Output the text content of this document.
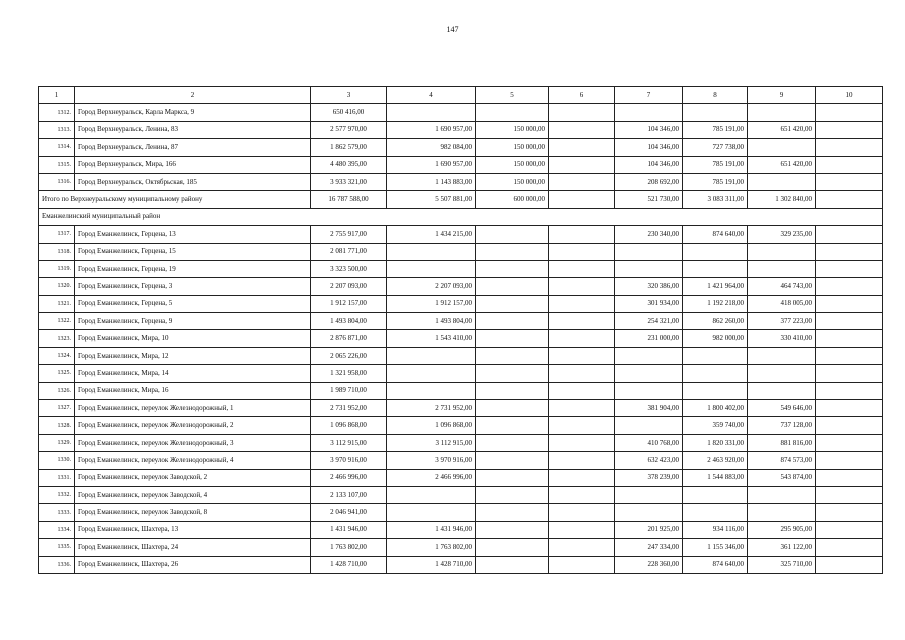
147
1	2	3	4	5	6	7	8	9	10
1312.	Город Верхнеуральск, Карла Маркса, 9	650 416,00							
1313.	Город Верхнеуральск, Ленина, 83	2 577 970,00	1 690 957,00	150 000,00		104 346,00	785 191,00	651 420,00	
1314.	Город Верхнеуральск, Ленина, 87	1 862 579,00	982 084,00	150 000,00		104 346,00	727 738,00		
1315.	Город Верхнеуральск, Мира, 166	4 480 395,00	1 690 957,00	150 000,00		104 346,00	785 191,00	651 420,00	
1316.	Город Верхнеуральск, Октябрьская, 185	3 933 321,00	1 143 883,00	150 000,00		208 692,00	785 191,00		
Итого по Верхнеуральскому муниципальному району		16 787 588,00	5 507 881,00	600 000,00		521 730,00	3 083 311,00	1 302 840,00	
Еманжелинский муниципальный район									
1317.	Город Еманжелинск, Герцена, 13	2 755 917,00	1 434 215,00			230 340,00	874 640,00	329 235,00	
1318.	Город Еманжелинск, Герцена, 15	2 081 771,00							
1319.	Город Еманжелинск, Герцена, 19	3 323 500,00							
1320.	Город Еманжелинск, Герцена, 3	2 207 093,00	2 207 093,00			320 386,00	1 421 964,00	464 743,00	
1321.	Город Еманжелинск, Герцена, 5	1 912 157,00	1 912 157,00			301 934,00	1 192 218,00	418 005,00	
1322.	Город Еманжелинск, Герцена, 9	1 493 804,00	1 493 804,00			254 321,00	862 260,00	377 223,00	
1323.	Город Еманжелинск, Мира, 10	2 876 871,00	1 543 410,00			231 000,00	982 000,00	330 410,00	
1324.	Город Еманжелинск, Мира, 12	2 065 226,00							
1325.	Город Еманжелинск, Мира, 14	1 321 958,00							
1326.	Город Еманжелинск, Мира, 16	1 989 710,00							
1327.	Город Еманжелинск, переулок Железнодорожный, 1	2 731 952,00	2 731 952,00			381 904,00	1 800 402,00	549 646,00	
1328.	Город Еманжелинск, переулок Железнодорожный, 2	1 096 868,00	1 096 868,00				359 740,00	737 128,00	
1329.	Город Еманжелинск, переулок Железнодорожный, 3	3 112 915,00	3 112 915,00			410 768,00	1 820 331,00	881 816,00	
1330.	Город Еманжелинск, переулок Железнодорожный, 4	3 970 916,00	3 970 916,00			632 423,00	2 463 920,00	874 573,00	
1331.	Город Еманжелинск, переулок Заводской, 2	2 466 996,00	2 466 996,00			378 239,00	1 544 883,00	543 874,00	
1332.	Город Еманжелинск, переулок Заводской, 4	2 133 107,00							
1333.	Город Еманжелинск, переулок Заводской, 8	2 046 941,00							
1334.	Город Еманжелинск, Шахтера, 13	1 431 946,00	1 431 946,00			201 925,00	934 116,00	295 905,00	
1335.	Город Еманжелинск, Шахтера, 24	1 763 802,00	1 763 802,00			247 334,00	1 155 346,00	361 122,00	
1336.	Город Еманжелинск, Шахтера, 26	1 428 710,00	1 428 710,00			228 360,00	874 640,00	325 710,00	
